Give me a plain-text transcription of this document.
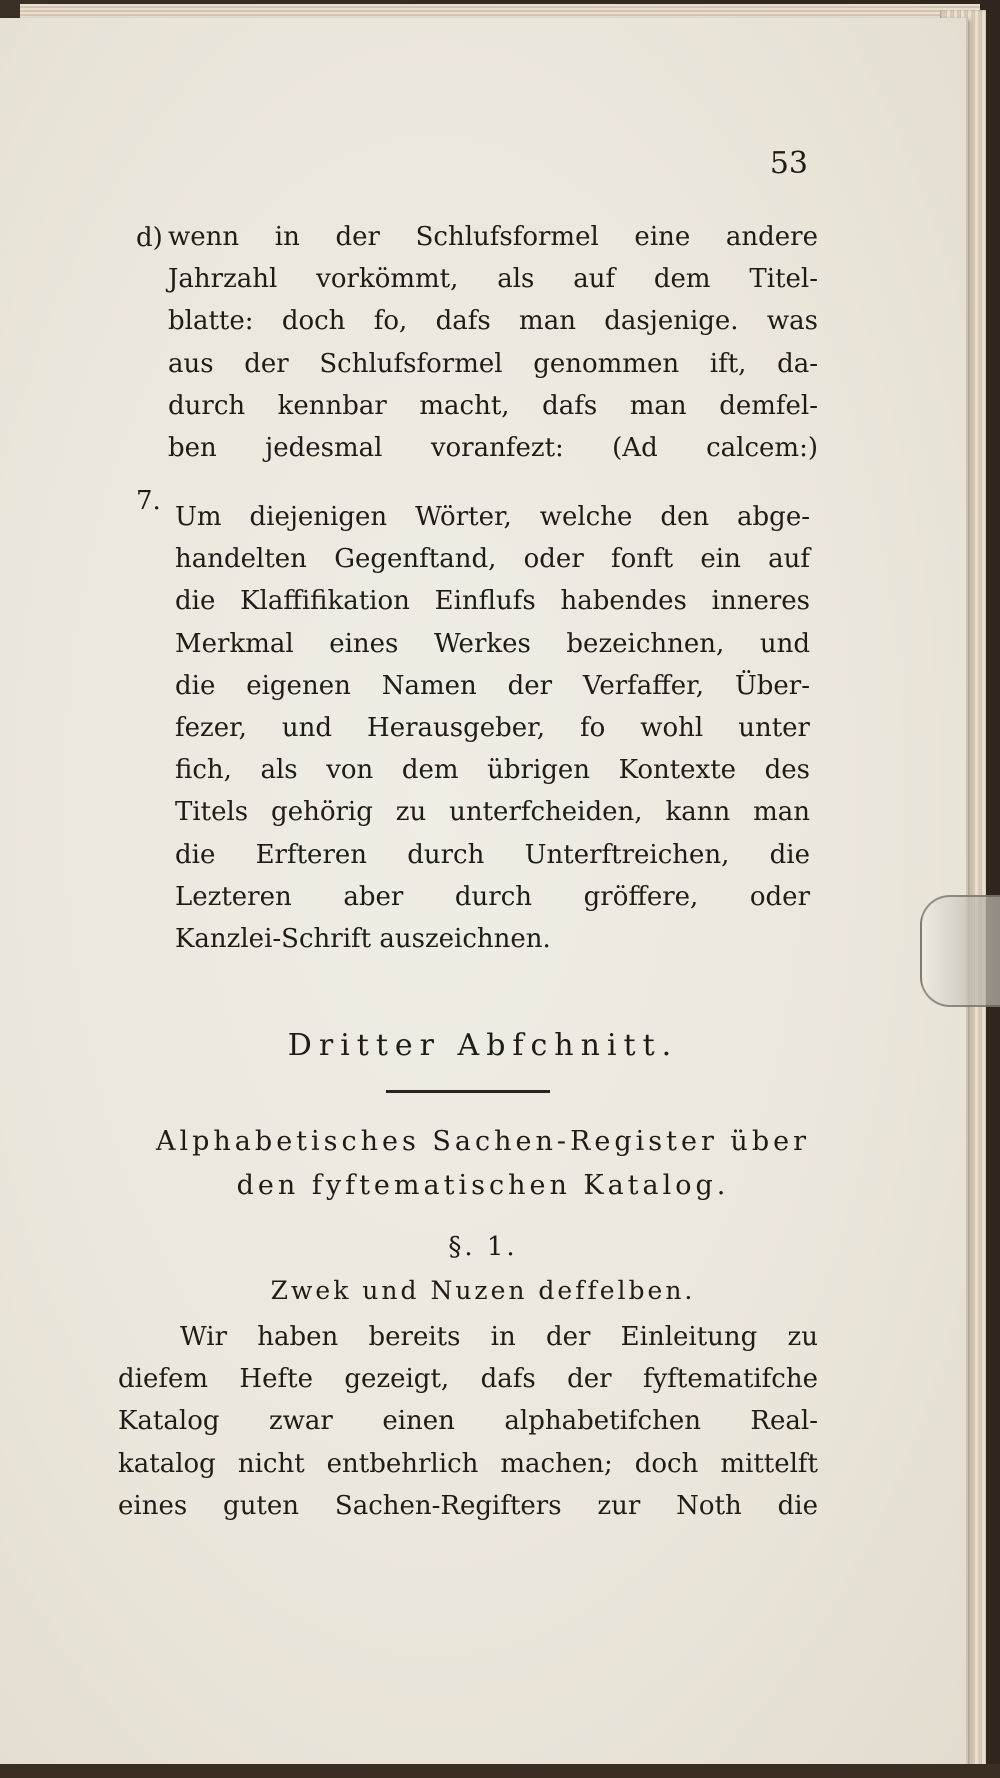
53
d) wenn in der Schlufsformel eine andere
Jahrzahl vorkömmt, als auf dem Titel-
blatte: doch fo, dafs man dasjenige. was
aus der Schlufsformel genommen ift, da-
durch kennbar macht, dafs man demfel-
ben jedesmal voranfezt: (Ad calcem:)
7.
Um diejenigen Wörter, welche den abge-
handelten Gegenftand, oder fonft ein auf
die Klaffifikation Einflufs habendes inneres
Merkmal eines Werkes bezeichnen, und
die eigenen Namen der Verfaffer, Über-
fezer, und Herausgeber, fo wohl unter
fich, als von dem übrigen Kontexte des
Titels gehörig zu unterfcheiden, kann man
die Erfteren durch Unterftreichen, die
Lezteren aber durch gröffere, oder
Kanzlei-Schrift auszeichnen.
Dritter Abfchnitt.
Alphabetisches Sachen-Register über
den fyftematischen Katalog.
§. 1.
Zwek und Nuzen deffelben.
Wir haben bereits in der Einleitung zu
diefem Hefte gezeigt, dafs der fyftematifche
Katalog zwar einen alphabetifchen Real-
katalog nicht entbehrlich machen; doch mittelft
eines guten Sachen-Regifters zur Noth die
